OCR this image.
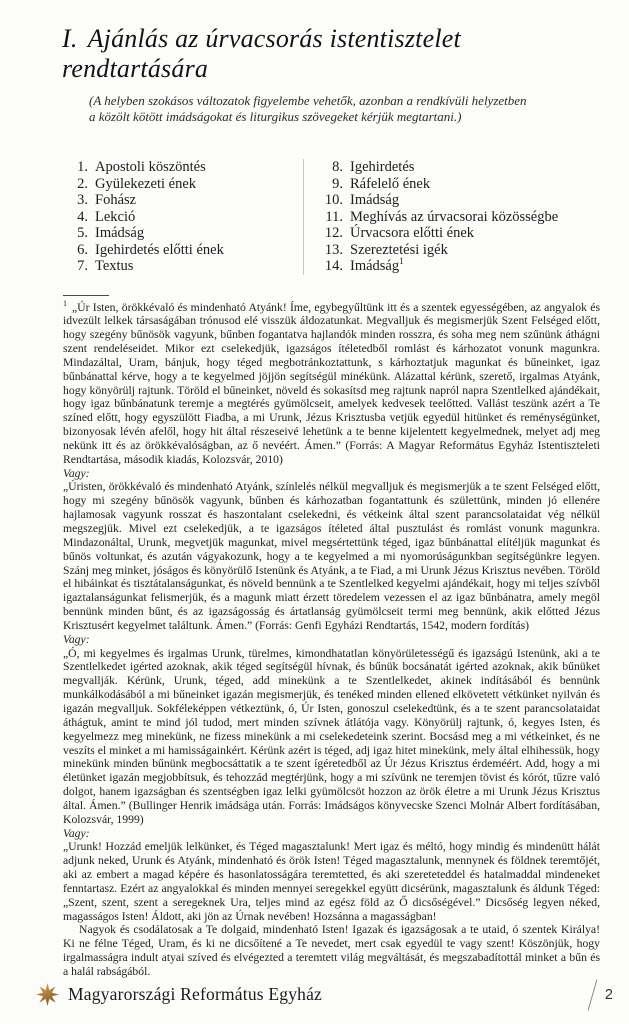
I. Ajánlás az úrvacsorás istentisztelet rendtartására
(A helyben szokásos változatok figyelembe vehetők, azonban a rendkívüli helyzetben
a közölt kötött imádságokat és liturgikus szövegeket kérjük megtartani.)
1. Apostoli köszöntés
2. Gyülekezeti ének
3. Fohász
4. Lekció
5. Imádság
6. Igehirdetés előtti ének
7. Textus
8. Igehirdetés
9. Ráfelelő ének
10. Imádság
11. Meghívás az úrvacsorai közösségbe
12. Úrvacsora előtti ének
13. Szereztetési igék
14. Imádság$^1$

$^1$ „Úr Isten, örökkévaló és mindenható Atyánk! Íme, egybegyűltünk itt és a szentek egyességében, az angyalok és idvezült lelkek társaságában trónusod elé visszük áldozatunkat. Megvalljuk és megismerjük Szent Felséged előtt, hogy szegény bűnösök vagyunk, bűnben fogantatva hajlandók minden rosszra, és soha meg nem szűnünk áthágni szent rendeléseidet. Mikor ezt cselekedjük, igazságos ítéletedből romlást és kárhozatot vonunk magunkra. Mindazáltal, Uram, bánjuk, hogy téged megbotránkoztattunk, s kárhoztatjuk magunkat és bűneinket, igaz bűnbánattal kérve, hogy a te kegyelmed jöjjön segítségül minékünk. Alázattal kérünk, szerető, irgalmas Atyánk, hogy könyörülj rajtunk. Töröld el bűneinket, növeld és sokasítsd meg rajtunk napról napra Szentlelked ajándékait, hogy igaz bűnbánatunk teremje a megtérés gyümölcseit, amelyek kedvesek teelőtted. Vallást teszünk azért a Te színed előtt, hogy egyszülött Fiadba, a mi Urunk, Jézus Krisztusba vetjük egyedül hitünket és reménységünket, bizonyosak lévén afelől, hogy hit által részeseivé lehetünk a te benne kijelentett kegyelmednek, melyet adj meg nekünk itt és az örökkévalóságban, az ő nevéért. Ámen.” (Forrás: A Magyar Református Egyház Istentiszteleti Rendtartása, második kiadás, Kolozsvár, 2010)

Vagy:

„Úristen, örökkévaló és mindenható Atyánk, színlelés nélkül megvalljuk és megismerjük a te szent Felséged előtt, hogy mi szegény bűnösök vagyunk, bűnben és kárhozatban fogantattunk és születtünk, minden jó ellenére hajlamosak vagyunk rosszat és haszontalant cselekedni, és vétkeink által szent parancsolataidat vég nélkül megszegjük. Mivel ezt cselekedjük, a te igazságos ítéleted által pusztulást és romlást vonunk magunkra. Mindazonáltal, Urunk, megvetjük magunkat, mivel megsértettünk téged, igaz bűnbánattal elítéljük magunkat és bűnös voltunkat, és azután vágyakozunk, hogy a te kegyelmed a mi nyomorúságunkban segítségünkre legyen. Szánj meg minket, jóságos és könyörülő Istenünk és Atyánk, a te Fiad, a mi Urunk Jézus Krisztus nevében. Töröld el hibáinkat és tisztátalanságunkat, és növeld bennünk a te Szentlelked kegyelmi ajándékait, hogy mi teljes szívből igaztalanságunkat felismerjük, és a magunk miatt érzett töredelem vezessen el az igaz bűnbánatra, amely megöl bennünk minden bűnt, és az igazságosság és ártatlanság gyümölcseit termi meg bennünk, akik előtted Jézus Krisztusért kegyelmet találtunk. Ámen.” (Forrás: Genfi Egyházi Rendtartás, 1542, modern fordítás)

Vagy:

„Ó, mi kegyelmes és irgalmas Urunk, türelmes, kimondhatatlan könyörületességű és igazságú Istenünk, aki a te Szentlelkedet igérted azoknak, akik téged segítségül hívnak, és bűnük bocsánatát igérted azoknak, akik bűnüket megvallják. Kérünk, Urunk, téged, add minekünk a te Szentlelkedet, akinek indításából és bennünk munkálkodásából a mi bűneinket igazán megismerjük, és tenéked minden ellened elkövetett vétkünket nyilván és igazán megvalljuk. Sokféleképpen vétkeztünk, ó, Úr Isten, gonoszul cselekedtünk, és a te szent parancsolataidat áthágtuk, amint te mind jól tudod, mert minden szívnek átlátója vagy. Könyörülj rajtunk, ó, kegyes Isten, és kegyelmezz meg minekünk, ne fizess minekünk a mi cselekedeteink szerint. Bocsásd meg a mi vétkeinket, és ne veszíts el minket a mi hamisságainkért. Kérünk azért is téged, adj igaz hitet minekünk, mely által elhihessük, hogy minekünk minden bűnünk megbocsáttatik a te szent ígéretedből az Úr Jézus Krisztus érdeméért. Add, hogy a mi életünket igazán megjobbítsuk, és tehozzád megtérjünk, hogy a mi szívünk ne teremjen tövist és kórót, tűzre való dolgot, hanem igazságban és szentségben igaz lelki gyümölcsöt hozzon az örök életre a mi Urunk Jézus Krisztus által. Ámen.” (Bullinger Henrik imádsága után. Forrás: Imádságos könyvecske Szenci Molnár Albert fordításában, Kolozsvár, 1999)

Vagy:

„Urunk! Hozzád emeljük lelkünket, és Téged magasztalunk! Mert igaz és méltó, hogy mindig és mindenütt hálát adjunk neked, Urunk és Atyánk, mindenható és örök Isten! Téged magasztalunk, mennynek és földnek teremtőjét, aki az embert a magad képére és hasonlatosságára teremtetted, és aki szereteteddel és hatalmaddal mindeneket fenntartasz. Ezért az angyalokkal és minden mennyei seregekkel együtt dicsérünk, magasztalunk és áldunk Téged: „Szent, szent, szent a seregeknek Ura, teljes mind az egész föld az Ő dicsőségével.” Dicsőség legyen néked, magasságos Isten! Áldott, aki jön az Úrnak nevében! Hozsánna a magasságban!

Nagyok és csodálatosak a Te dolgaid, mindenható Isten! Igazak és igazságosak a te utaid, ó szentek Királya! Ki ne félne Téged, Uram, és ki ne dicsőítené a Te nevedet, mert csak egyedül te vagy szent! Köszönjük, hogy irgalmasságra indult atyai szíved és elvégezted a teremtett világ megváltását, és megszabadítottál minket a bűn és a halál rabságából.

Magyarországi Református Egyház	2
